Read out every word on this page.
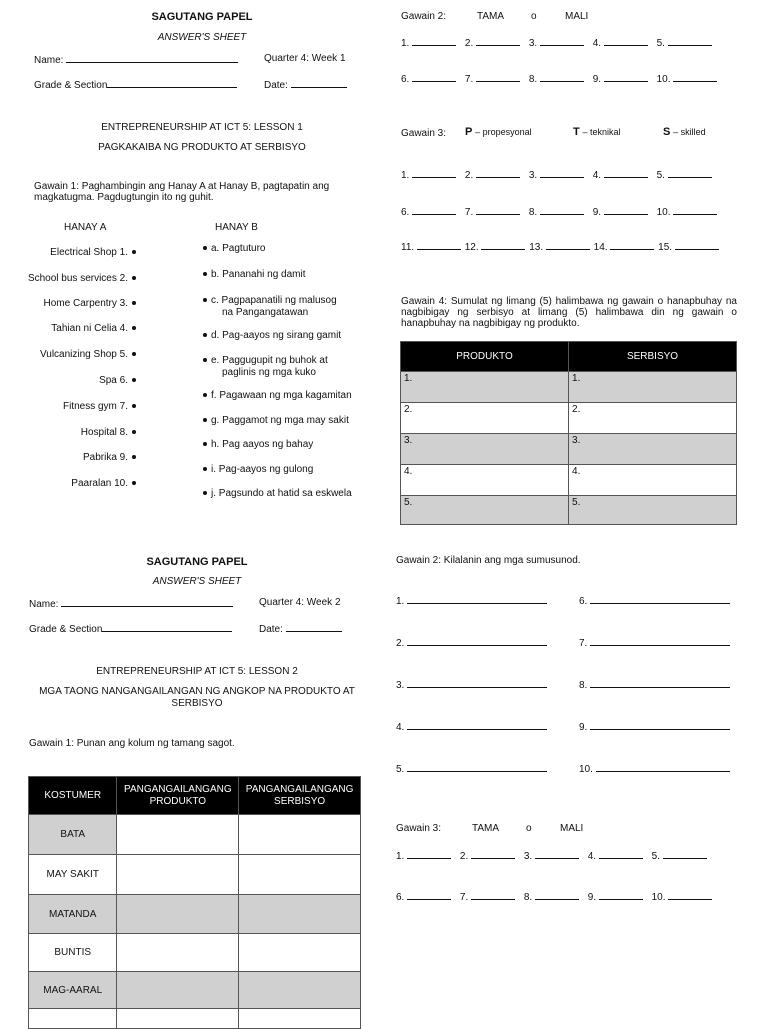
SAGUTANG PAPEL
ANSWER'S SHEET
Name:	Quarter 4: Week 1
Grade & Section	Date:
ENTREPRENEURSHIP AT ICT 5: LESSON 1
PAGKAKAIBA NG PRODUKTO AT SERBISYO
Gawain 1: Paghambingin ang Hanay A at Hanay B, pagtapatin ang magkatugma. Pagdugtungin ito ng guhit.
HANAY A	HANAY B
Electrical Shop 1.
School bus services 2.
Home Carpentry 3.
Tahian ni Celia 4.
Vulcanizing Shop 5.
Spa 6.
Fitness gym 7.
Hospital 8.
Pabrika 9.
Paaralan 10.
a. Pagtuturo
b. Pananahi ng damit
c. Pagpapanatili ng malusog
na Pangangatawan
d. Pag-aayos ng sirang gamit
e. Paggugupit ng buhok at
paglinis ng mga kuko
f. Pagawaan ng mga kagamitan
g. Paggamot ng mga may sakit
h. Pag aayos ng bahay
i. Pag-aayos ng gulong
j. Pagsundo at hatid sa eskwela
Gawain 2:	TAMA	o	MALI
1.	2.	3.	4.	5.
6.	7.	8.	9.	10.
Gawain 3: P – propesyonal	T – teknikal	S – skilled
1.	2.	3.	4.	5.
6.	7.	8.	9.	10.
11.	12.	13.	14.	15.
Gawain 4: Sumulat ng limang (5) halimbawa ng gawain o hanapbuhay na nagbibigay ng serbisyo at limang (5) halimbawa din ng gawain o hanapbuhay na nagbibigay ng produkto.
PRODUKTO	SERBISYO
1.	1.
2.	2.
3.	3.
4.	4.
5.	5.
SAGUTANG PAPEL
ANSWER'S SHEET
Name:	Quarter 4: Week 2
Grade & Section	Date:
ENTREPRENEURSHIP AT ICT 5: LESSON 2
MGA TAONG NANGANGAILANGAN NG ANGKOP NA PRODUKTO AT SERBISYO
Gawain 1: Punan ang kolum ng tamang sagot.
KOSTUMER	PANGANGAILANGANG PRODUKTO	PANGANGAILANGANG SERBISYO
BATA		
MAY SAKIT		
MATANDA		
BUNTIS		
MAG-AARAL		

Gawain 2: Kilalanin ang mga sumusunod.
1.
2.
3.
4.
5.
6.
7.
8.
9.
10.
Gawain 3:	TAMA	o	MALI
1.	2.	3.	4.	5.
6.	7.	8.	9.	10.
